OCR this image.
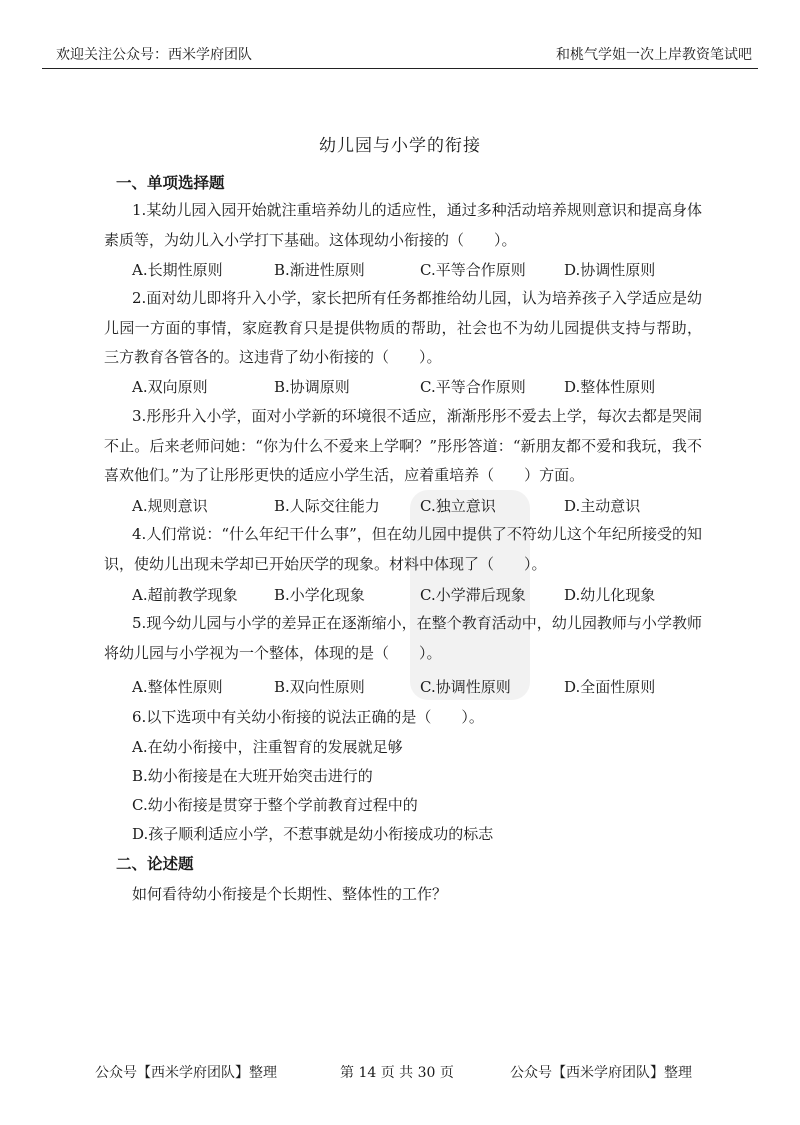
欢迎关注公众号：西米学府团队	和桃气学姐一次上岸教资笔试吧
幼儿园与小学的衔接
一、单项选择题
1.某幼儿园入园开始就注重培养幼儿的适应性，通过多种活动培养规则意识和提高身体素质等，为幼儿入小学打下基础。这体现幼小衔接的（　　）。
A.长期性原则	B.渐进性原则	C.平等合作原则	D.协调性原则
2.面对幼儿即将升入小学，家长把所有任务都推给幼儿园，认为培养孩子入学适应是幼儿园一方面的事情，家庭教育只是提供物质的帮助，社会也不为幼儿园提供支持与帮助，三方教育各管各的。这违背了幼小衔接的（　　）。
A.双向原则	B.协调原则	C.平等合作原则	D.整体性原则
3.彤彤升入小学，面对小学新的环境很不适应，渐渐彤彤不爱去上学，每次去都是哭闹不止。后来老师问她：“你为什么不爱来上学啊？”彤彤答道：“新朋友都不爱和我玩，我不喜欢他们。”为了让彤彤更快的适应小学生活，应着重培养（　　）方面。
A.规则意识	B.人际交往能力	C.独立意识	D.主动意识
4.人们常说：“什么年纪干什么事”，但在幼儿园中提供了不符幼儿这个年纪所接受的知识，使幼儿出现未学却已开始厌学的现象。材料中体现了（　　）。
A.超前教学现象 B.小学化现象	C.小学滞后现象	D.幼儿化现象
5.现今幼儿园与小学的差异正在逐渐缩小，在整个教育活动中，幼儿园教师与小学教师将幼儿园与小学视为一个整体，体现的是（　　）。
A.整体性原则	B.双向性原则	C.协调性原则	D.全面性原则
6.以下选项中有关幼小衔接的说法正确的是（　　）。
A.在幼小衔接中，注重智育的发展就足够
B.幼小衔接是在大班开始突击进行的
C.幼小衔接是贯穿于整个学前教育过程中的
D.孩子顺利适应小学，不惹事就是幼小衔接成功的标志
二、论述题
如何看待幼小衔接是个长期性、整体性的工作？
公众号【西米学府团队】整理	第 14 页 共 30 页	公众号【西米学府团队】整理
